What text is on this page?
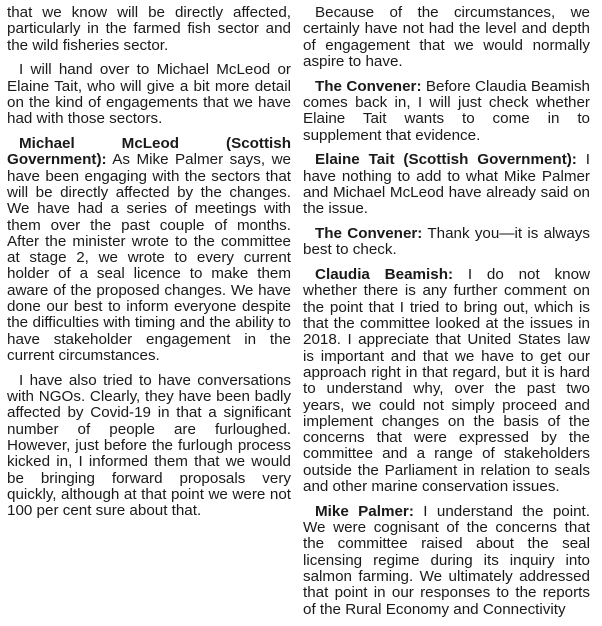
that we know will be directly affected, particularly in the farmed fish sector and the wild fisheries sector.

I will hand over to Michael McLeod or Elaine Tait, who will give a bit more detail on the kind of engagements that we have had with those sectors.

Michael McLeod (Scottish Government): As Mike Palmer says, we have been engaging with the sectors that will be directly affected by the changes. We have had a series of meetings with them over the past couple of months. After the minister wrote to the committee at stage 2, we wrote to every current holder of a seal licence to make them aware of the proposed changes. We have done our best to inform everyone despite the difficulties with timing and the ability to have stakeholder engagement in the current circumstances.

I have also tried to have conversations with NGOs. Clearly, they have been badly affected by Covid-19 in that a significant number of people are furloughed. However, just before the furlough process kicked in, I informed them that we would be bringing forward proposals very quickly, although at that point we were not 100 per cent sure about that.

Because of the circumstances, we certainly have not had the level and depth of engagement that we would normally aspire to have.

The Convener: Before Claudia Beamish comes back in, I will just check whether Elaine Tait wants to come in to supplement that evidence.

Elaine Tait (Scottish Government): I have nothing to add to what Mike Palmer and Michael McLeod have already said on the issue.

The Convener: Thank you—it is always best to check.

Claudia Beamish: I do not know whether there is any further comment on the point that I tried to bring out, which is that the committee looked at the issues in 2018. I appreciate that United States law is important and that we have to get our approach right in that regard, but it is hard to understand why, over the past two years, we could not simply proceed and implement changes on the basis of the concerns that were expressed by the committee and a range of stakeholders outside the Parliament in relation to seals and other marine conservation issues.

Mike Palmer: I understand the point. We were cognisant of the concerns that the committee raised about the seal licensing regime during its inquiry into salmon farming. We ultimately addressed that point in our responses to the reports of the Rural Economy and Connectivity
